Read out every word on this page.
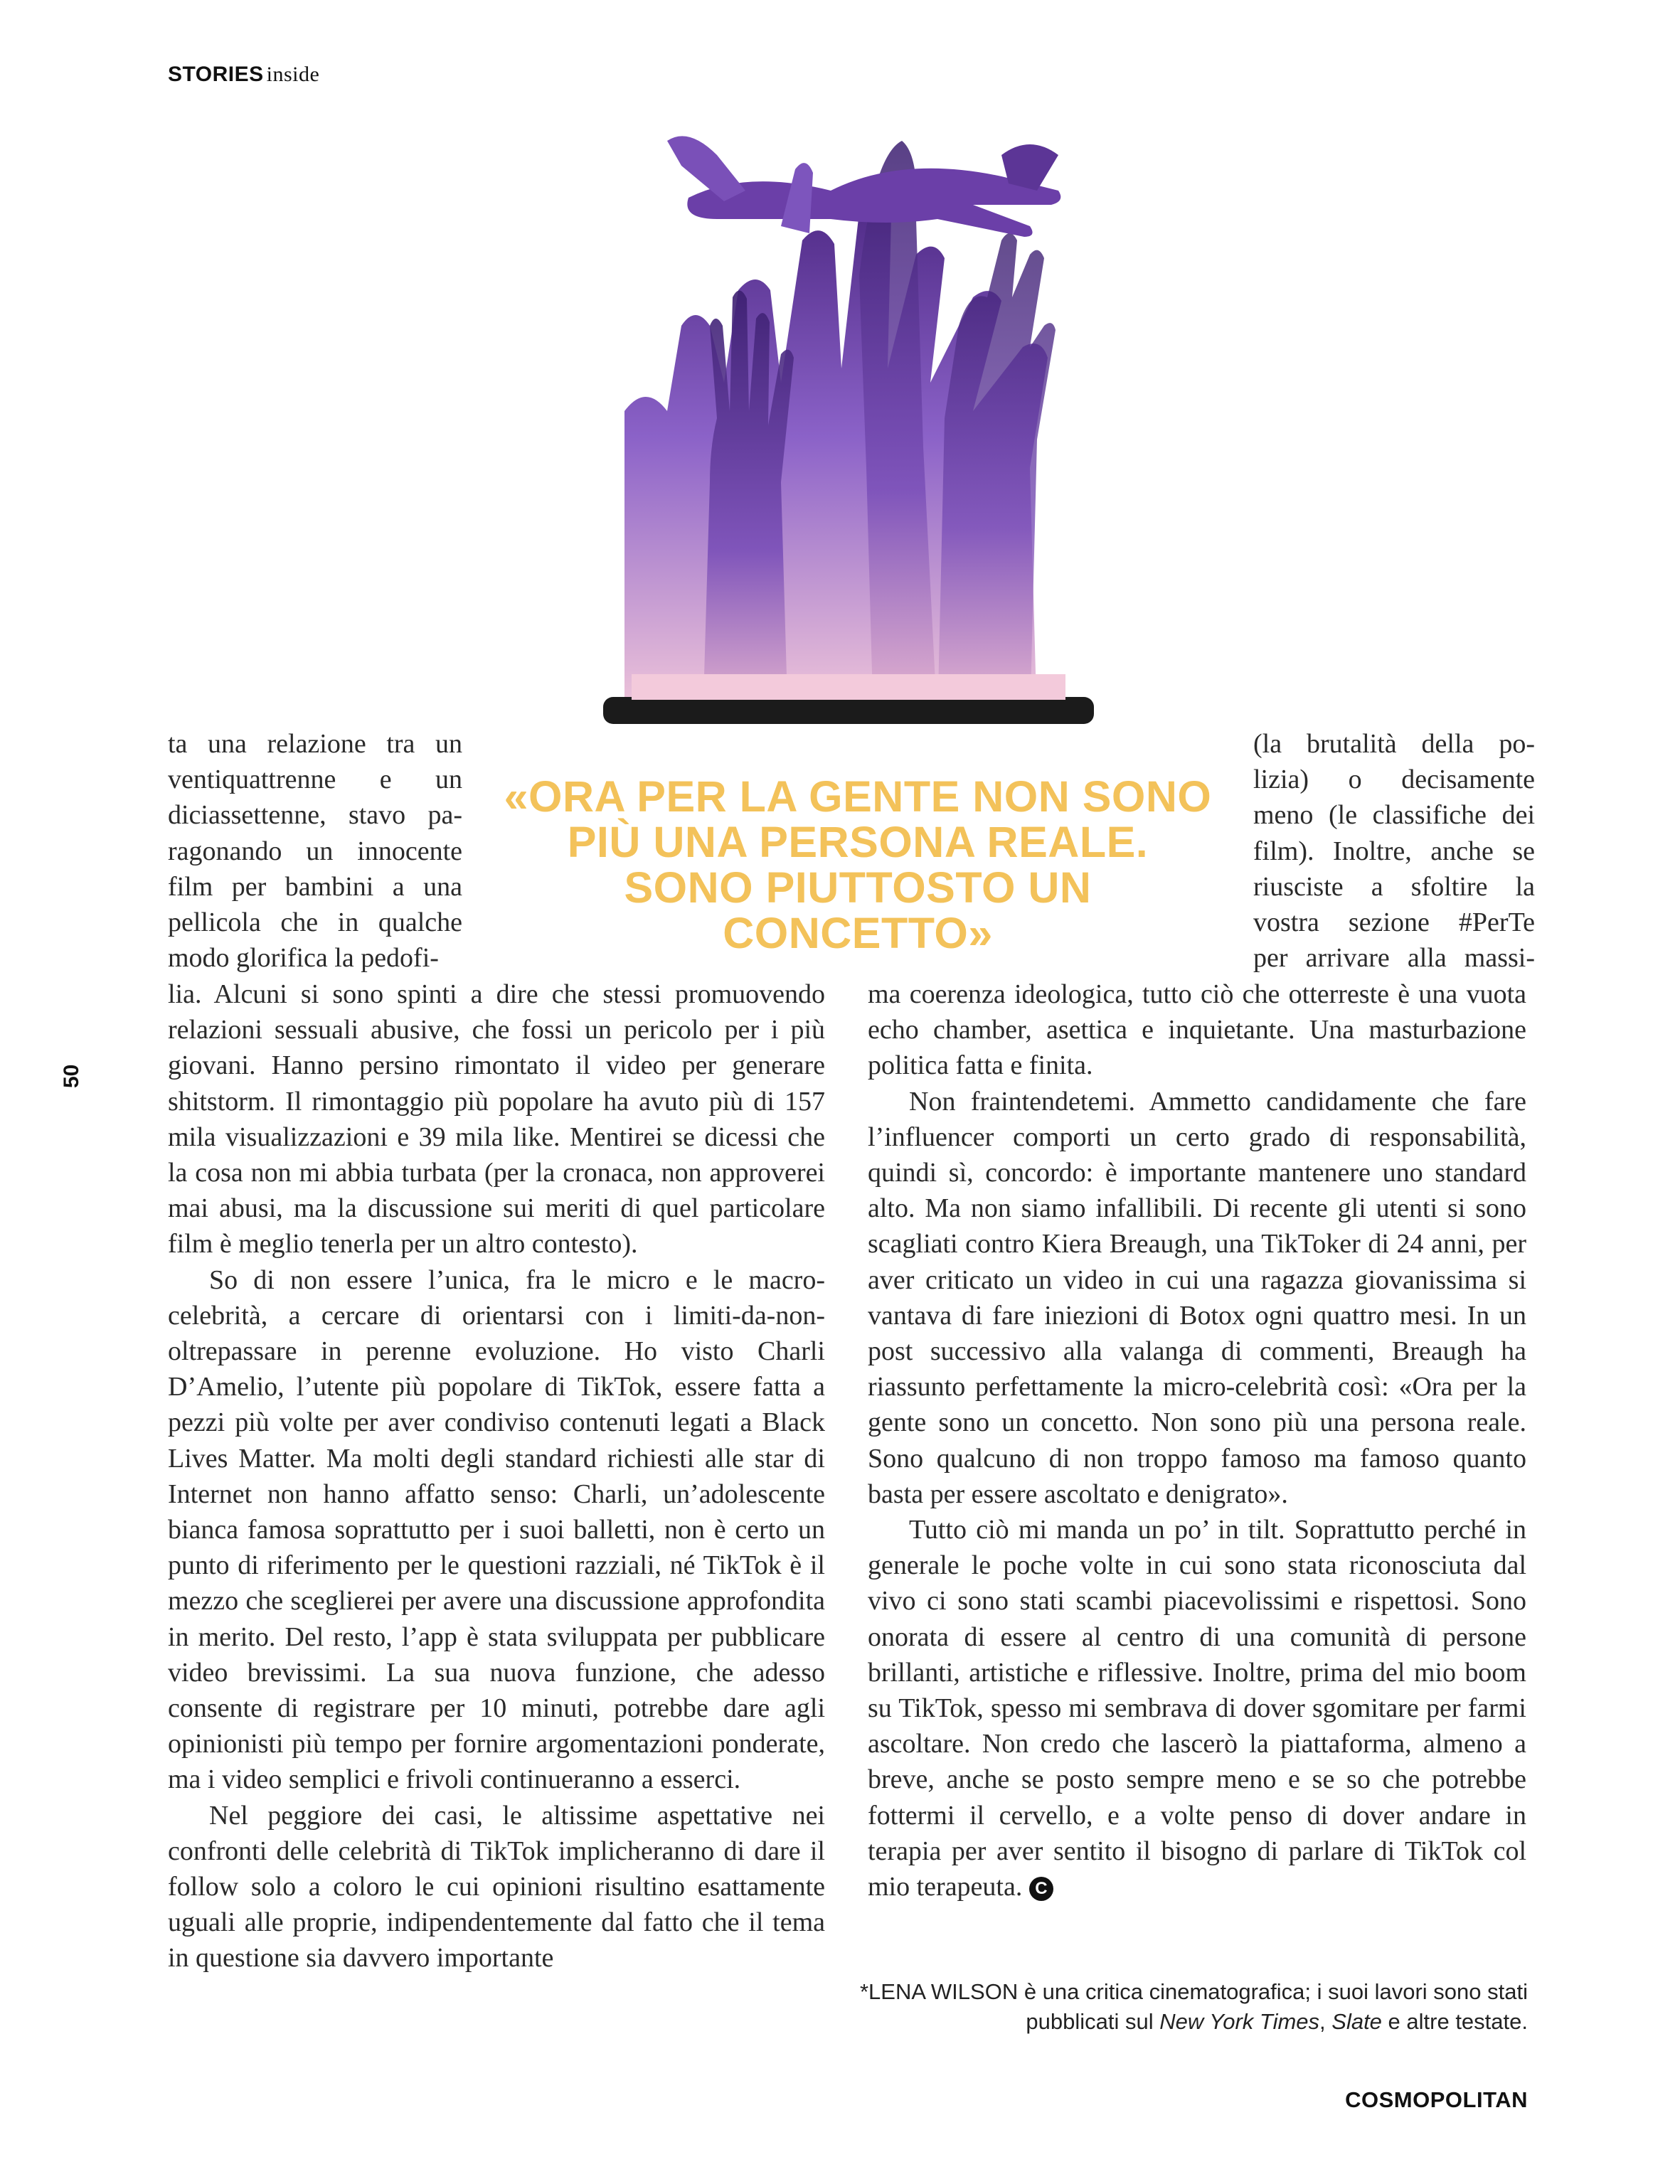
STORIES inside
50
ta una relazione tra un
ventiquattrenne e un
diciassettenne, stavo pa-
ragonando un innocente
film per bambini a una
pellicola che in qualche
modo glorifica la pedofi-
«ORA PER LA GENTE NON SONO
PIÙ UNA PERSONA REALE.
SONO PIUTTOSTO UN CONCETTO»
(la brutalità della po-
lizia) o decisamente
meno (le classifiche dei
film). Inoltre, anche se
riusciste a sfoltire la
vostra sezione #PerTe
per arrivare alla massi-

lia. Alcuni si sono spinti a dire che stessi promuovendo relazioni sessuali abusive, che fossi un pericolo per i più giovani. Hanno persino rimontato il video per generare shitstorm. Il rimontaggio più popolare ha avuto più di 157 mila visualizzazioni e 39 mila like. Mentirei se dicessi che la cosa non mi abbia turbata (per la cronaca, non approverei mai abusi, ma la discussione sui meriti di quel particolare film è meglio tenerla per un altro contesto).

So di non essere l’unica, fra le micro e le macro-celebrità, a cercare di orientarsi con i limiti-da-non-oltrepassare in perenne evoluzione. Ho visto Charli D’Amelio, l’utente più popolare di TikTok, essere fatta a pezzi più volte per aver condiviso contenuti legati a Black Lives Matter. Ma molti degli standard richiesti alle star di Internet non hanno affatto senso: Charli, un’adolescente bianca famosa soprattutto per i suoi balletti, non è certo un punto di riferimento per le questioni razziali, né TikTok è il mezzo che sceglierei per avere una discussione approfondita in merito. Del resto, l’app è stata sviluppata per pubblicare video brevissimi. La sua nuova funzione, che adesso consente di registrare per 10 minuti, potrebbe dare agli opinionisti più tempo per fornire argomentazioni ponderate, ma i video semplici e frivoli continueranno a esserci.

Nel peggiore dei casi, le altissime aspettative nei confronti delle celebrità di TikTok implicheranno di dare il follow solo a coloro le cui opinioni risultino esattamente uguali alle proprie, indipendentemente dal fatto che il tema in questione sia davvero importante

ma coerenza ideologica, tutto ciò che otterreste è una vuota echo chamber, asettica e inquietante. Una masturbazione politica fatta e finita.

Non fraintendetemi. Ammetto candidamente che fare l’influencer comporti un certo grado di responsabilità, quindi sì, concordo: è importante mantenere uno standard alto. Ma non siamo infallibili. Di recente gli utenti si sono scagliati contro Kiera Breaugh, una TikToker di 24 anni, per aver criticato un video in cui una ragazza giovanissima si vantava di fare iniezioni di Botox ogni quattro mesi. In un post successivo alla valanga di commenti, Breaugh ha riassunto perfettamente la micro-celebrità così: «Ora per la gente sono un concetto. Non sono più una persona reale. Sono qualcuno di non troppo famoso ma famoso quanto basta per essere ascoltato e denigrato».

Tutto ciò mi manda un po’ in tilt. Soprattutto perché in generale le poche volte in cui sono stata riconosciuta dal vivo ci sono stati scambi piacevolissimi e rispettosi. Sono onorata di essere al centro di una comunità di persone brillanti, artistiche e riflessive. Inoltre, prima del mio boom su TikTok, spesso mi sembrava di dover sgomitare per farmi ascoltare. Non credo che lascerò la piattaforma, almeno a breve, anche se posto sempre meno e se so che potrebbe fottermi il cervello, e a volte penso di dover andare in terapia per aver sentito il bisogno di parlare di TikTok col mio terapeuta. C

*LENA WILSON è una critica cinematografica; i suoi lavori sono stati pubblicati sul New York Times, Slate e altre testate.
COSMOPOLITAN
